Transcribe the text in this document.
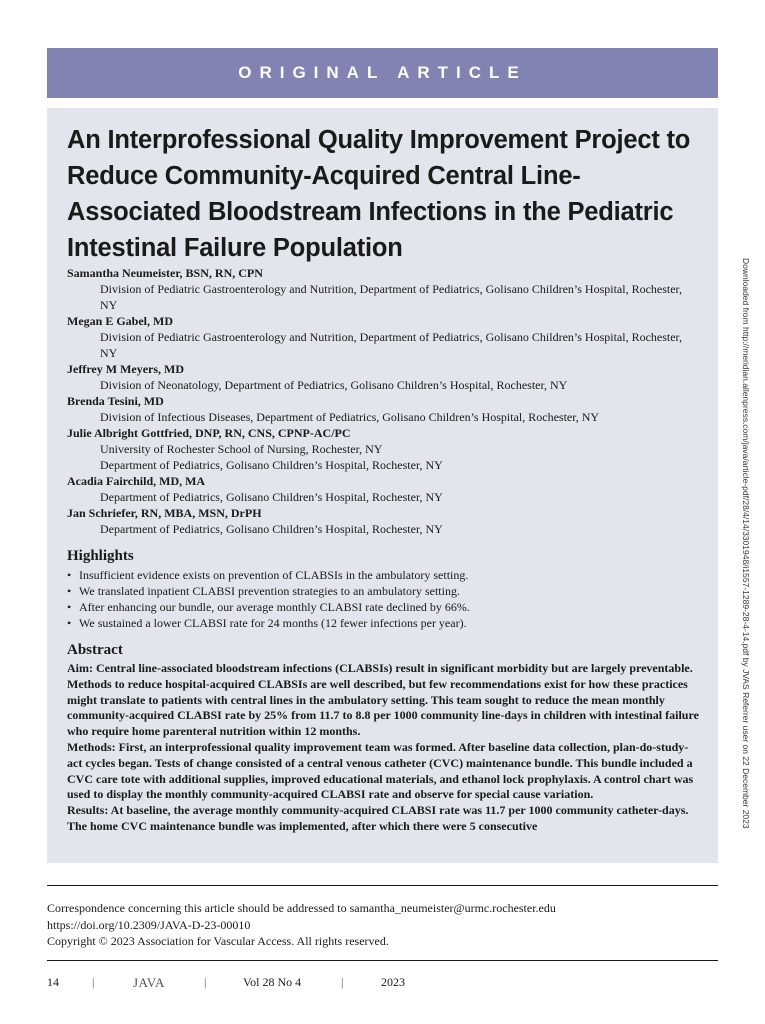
ORIGINAL ARTICLE
An Interprofessional Quality Improvement Project to Reduce Community-Acquired Central Line-Associated Bloodstream Infections in the Pediatric Intestinal Failure Population
Samantha Neumeister, BSN, RN, CPN
Division of Pediatric Gastroenterology and Nutrition, Department of Pediatrics, Golisano Children’s Hospital, Rochester, NY
Megan E Gabel, MD
Division of Pediatric Gastroenterology and Nutrition, Department of Pediatrics, Golisano Children’s Hospital, Rochester, NY
Jeffrey M Meyers, MD
Division of Neonatology, Department of Pediatrics, Golisano Children’s Hospital, Rochester, NY
Brenda Tesini, MD
Division of Infectious Diseases, Department of Pediatrics, Golisano Children’s Hospital, Rochester, NY
Julie Albright Gottfried, DNP, RN, CNS, CPNP-AC/PC
University of Rochester School of Nursing, Rochester, NY
Department of Pediatrics, Golisano Children’s Hospital, Rochester, NY
Acadia Fairchild, MD, MA
Department of Pediatrics, Golisano Children’s Hospital, Rochester, NY
Jan Schriefer, RN, MBA, MSN, DrPH
Department of Pediatrics, Golisano Children’s Hospital, Rochester, NY
Highlights
• Insufficient evidence exists on prevention of CLABSIs in the ambulatory setting.
• We translated inpatient CLABSI prevention strategies to an ambulatory setting.
• After enhancing our bundle, our average monthly CLABSI rate declined by 66%.
• We sustained a lower CLABSI rate for 24 months (12 fewer infections per year).
Abstract

Aim: Central line-associated bloodstream infections (CLABSIs) result in significant morbidity but are largely preventable. Methods to reduce hospital-acquired CLABSIs are well described, but few recommendations exist for how these practices might translate to patients with central lines in the ambulatory setting. This team sought to reduce the mean monthly community-acquired CLABSI rate by 25% from 11.7 to 8.8 per 1000 community line-days in children with intestinal failure who require home parenteral nutrition within 12 months.

Methods: First, an interprofessional quality improvement team was formed. After baseline data collection, plan-do-study-act cycles began. Tests of change consisted of a central venous catheter (CVC) maintenance bundle. This bundle included a CVC care tote with additional supplies, improved educational materials, and ethanol lock prophylaxis. A control chart was used to display the monthly community-acquired CLABSI rate and observe for special cause variation.

Results: At baseline, the average monthly community-acquired CLABSI rate was 11.7 per 1000 community catheter-days. The home CVC maintenance bundle was implemented, after which there were 5 consecutive	Downloaded from http://meridian.allenpress.com/java/article-pdf/28/4/14/3301948/i1557-1289-28-4-14.pdf by JVAS Referrer user on 22 December 2023
Correspondence concerning this article should be addressed to samantha_neumeister@urmc.rochester.edu
https://doi.org/10.2309/JAVA-D-23-00010
Copyright © 2023 Association for Vascular Access. All rights reserved.
14	|	JAVA	|	Vol 28 No 4	|	2023
